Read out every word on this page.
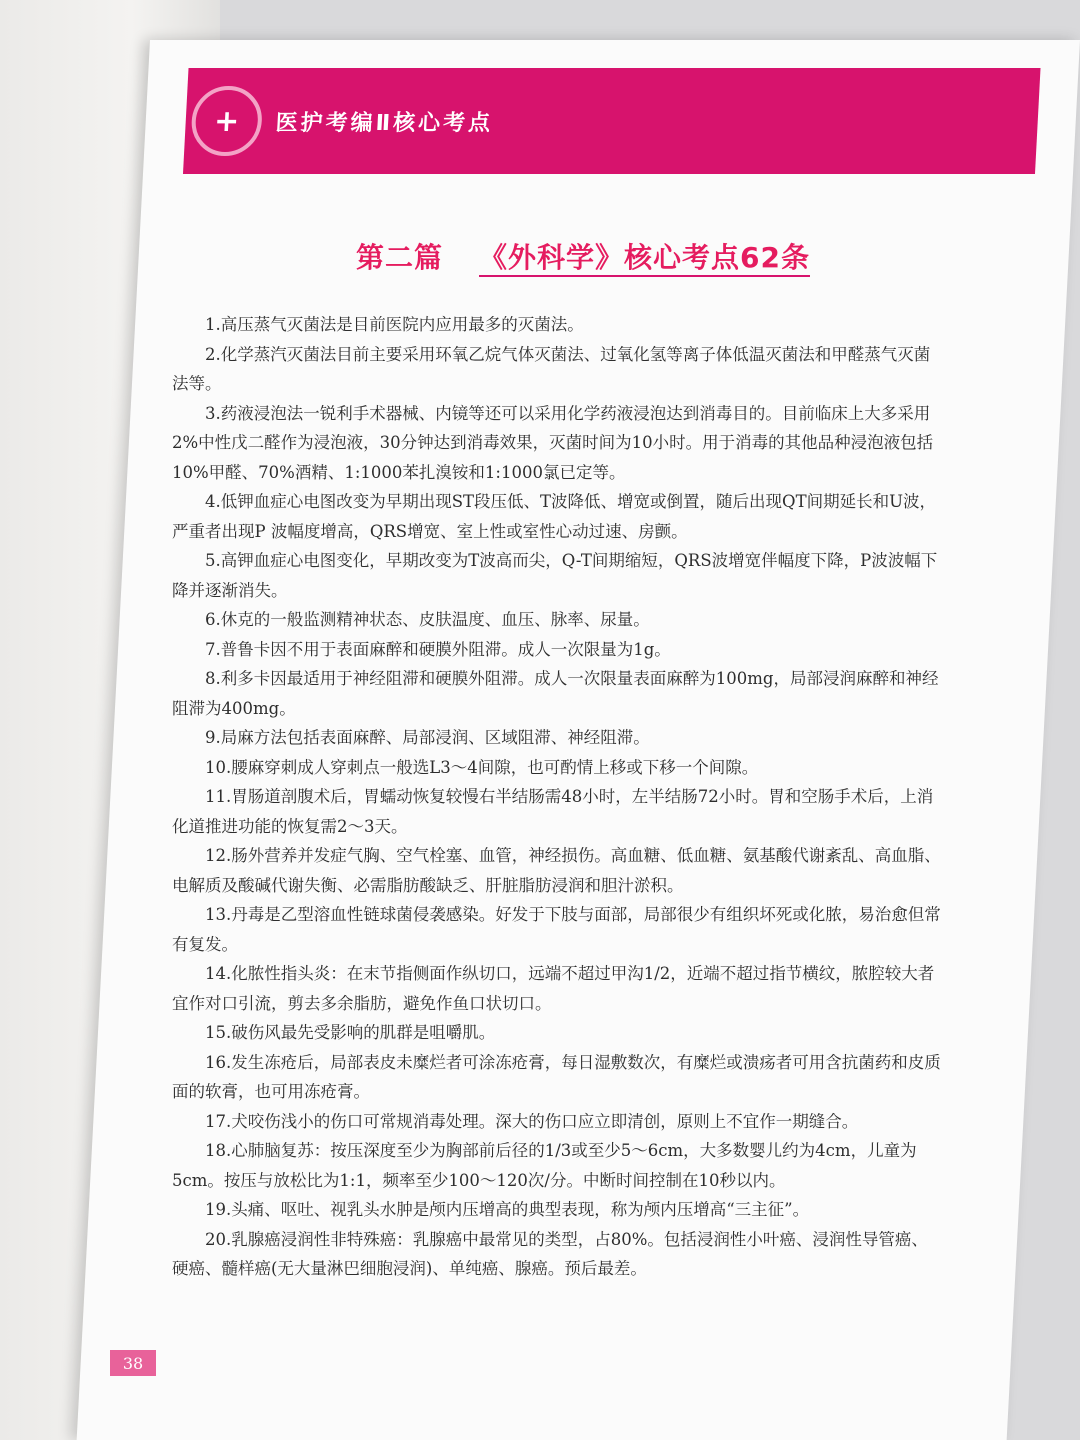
+ 医护考编Ⅱ核心考点
第二篇 《外科学》核心考点62条

1.高压蒸气灭菌法是目前医院内应用最多的灭菌法。

2.化学蒸汽灭菌法目前主要采用环氧乙烷气体灭菌法、过氧化氢等离子体低温灭菌法和甲醛蒸气灭菌法等。

3.药液浸泡法一锐利手术器械、内镜等还可以采用化学药液浸泡达到消毒目的。目前临床上大多采用2%中性戊二醛作为浸泡液，30分钟达到消毒效果，灭菌时间为10小时。用于消毒的其他品种浸泡液包括10%甲醛、70%酒精、1:1000苯扎溴铵和1:1000氯已定等。

4.低钾血症心电图改变为早期出现ST段压低、T波降低、增宽或倒置，随后出现QT间期延长和U波，严重者出现P 波幅度增高，QRS增宽、室上性或室性心动过速、房颤。

5.高钾血症心电图变化，早期改变为T波高而尖，Q-T间期缩短，QRS波增宽伴幅度下降，P波波幅下降并逐渐消失。

6.休克的一般监测精神状态、皮肤温度、血压、脉率、尿量。

7.普鲁卡因不用于表面麻醉和硬膜外阻滞。成人一次限量为1g。

8.利多卡因最适用于神经阻滞和硬膜外阻滞。成人一次限量表面麻醉为100mg，局部浸润麻醉和神经阻滞为400mg。

9.局麻方法包括表面麻醉、局部浸润、区域阻滞、神经阻滞。

10.腰麻穿刺成人穿刺点一般选L3～4间隙，也可酌情上移或下移一个间隙。

11.胃肠道剖腹术后，胃蠕动恢复较慢右半结肠需48小时，左半结肠72小时。胃和空肠手术后，上消化道推进功能的恢复需2～3天。

12.肠外营养并发症气胸、空气栓塞、血管，神经损伤。高血糖、低血糖、氨基酸代谢紊乱、高血脂、电解质及酸碱代谢失衡、必需脂肪酸缺乏、肝脏脂肪浸润和胆汁淤积。

13.丹毒是乙型溶血性链球菌侵袭感染。好发于下肢与面部，局部很少有组织坏死或化脓，易治愈但常有复发。

14.化脓性指头炎：在末节指侧面作纵切口，远端不超过甲沟1/2，近端不超过指节横纹，脓腔较大者宜作对口引流，剪去多余脂肪，避免作鱼口状切口。

15.破伤风最先受影响的肌群是咀嚼肌。

16.发生冻疮后，局部表皮未糜烂者可涂冻疮膏，每日湿敷数次，有糜烂或溃疡者可用含抗菌药和皮质面的软膏，也可用冻疮膏。

17.犬咬伤浅小的伤口可常规消毒处理。深大的伤口应立即清创，原则上不宜作一期缝合。

18.心肺脑复苏：按压深度至少为胸部前后径的1/3或至少5～6cm，大多数婴儿约为4cm，儿童为5cm。按压与放松比为1:1，频率至少100～120次/分。中断时间控制在10秒以内。

19.头痛、呕吐、视乳头水肿是颅内压增高的典型表现，称为颅内压增高“三主征”。

20.乳腺癌浸润性非特殊癌：乳腺癌中最常见的类型，占80%。包括浸润性小叶癌、浸润性导管癌、硬癌、髓样癌(无大量淋巴细胞浸润)、单纯癌、腺癌。预后最差。

38
